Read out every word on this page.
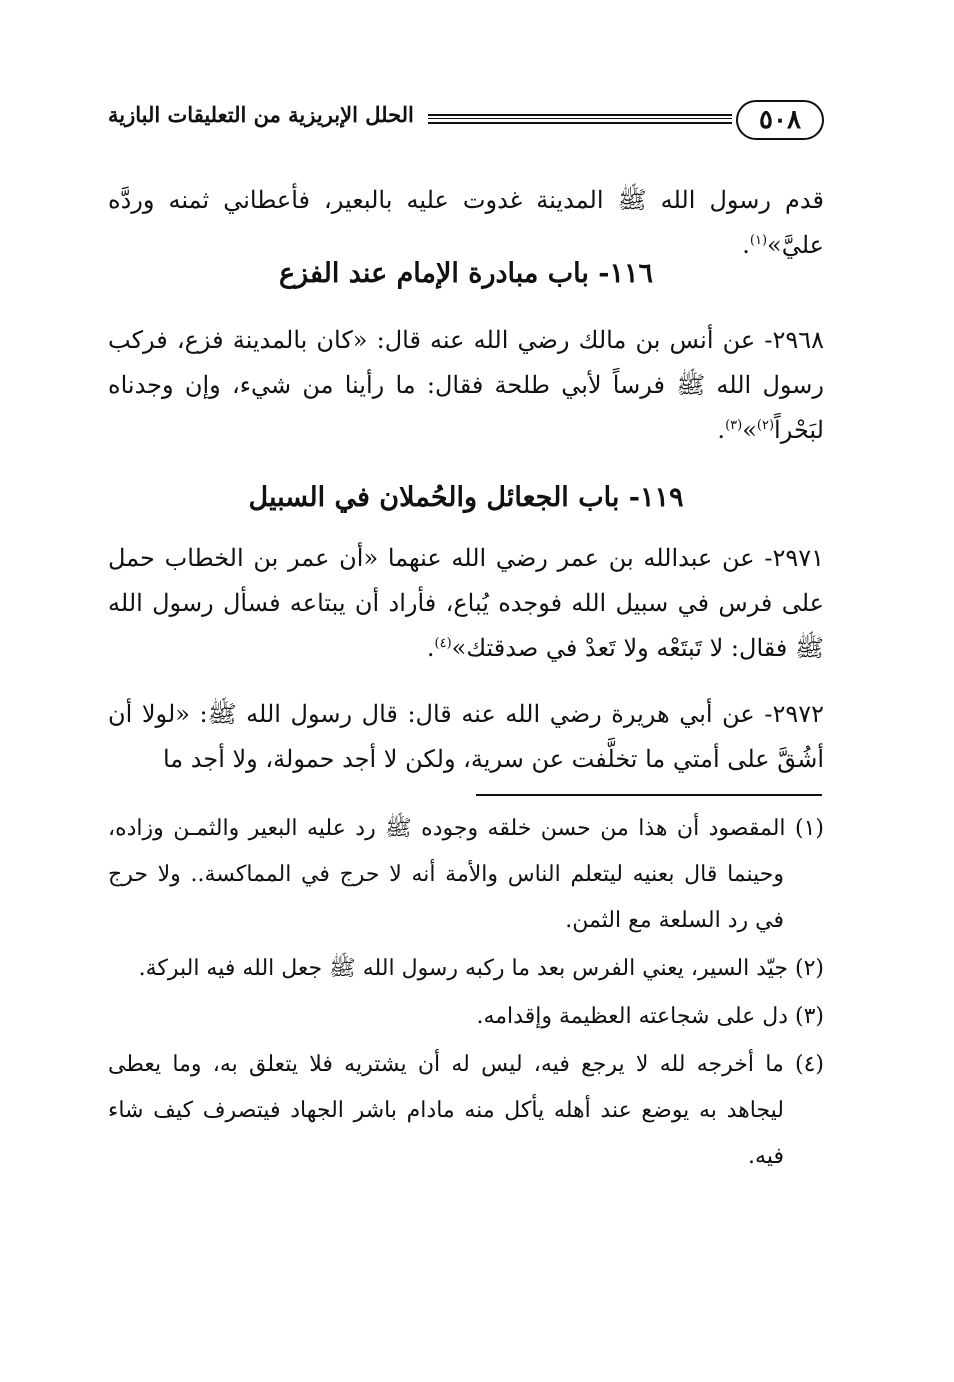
٥٠٨
الحلل الإبريزية من التعليقات البازية

قدم رسول الله ﷺ المدينة غدوت عليه بالبعير، فأعطاني ثمنه وردَّه عليَّ»$^{(١)}$.

١١٦- باب مبادرة الإمام عند الفزع

٢٩٦٨- عن أنس بن مالك رضي الله عنه قال: «كان بالمدينة فزع، فركب رسول الله ﷺ فرساً لأبي طلحة فقال: ما رأينا من شيء، وإن وجدناه لبَحْراً$^{(٢)}$»$^{(٣)}$.

١١٩- باب الجعائل والحُملان في السبيل

٢٩٧١- عن عبدالله بن عمر رضي الله عنهما «أن عمر بن الخطاب حمل على فرس في سبيل الله فوجده يُباع، فأراد أن يبتاعه فسأل رسول الله ﷺ فقال: لا تَبتَعْه ولا تَعدْ في صدقتك»$^{(٤)}$.

٢٩٧٢- عن أبي هريرة رضي الله عنه قال: قال رسول الله ﷺ: «لولا أن أشُقَّ على أمتي ما تخلَّفت عن سرية، ولكن لا أجد حمولة، ولا أجد ما

(١) المقصود أن هذا من حسن خلقه وجوده ﷺ رد عليه البعير والثمـن وزاده، وحينما قال بعنيه ليتعلم الناس والأمة أنه لا حرج في المماكسة.. ولا حرج في رد السلعة مع الثمن.

(٢) جيّد السير، يعني الفرس بعد ما ركبه رسول الله ﷺ جعل الله فيه البركة.

(٣) دل على شجاعته العظيمة وإقدامه.

(٤) ما أخرجه لله لا يرجع فيه، ليس له أن يشتريه فلا يتعلق به، وما يعطى ليجاهد به يوضع عند أهله يأكل منه مادام باشر الجهاد فيتصرف كيف شاء فيه.
